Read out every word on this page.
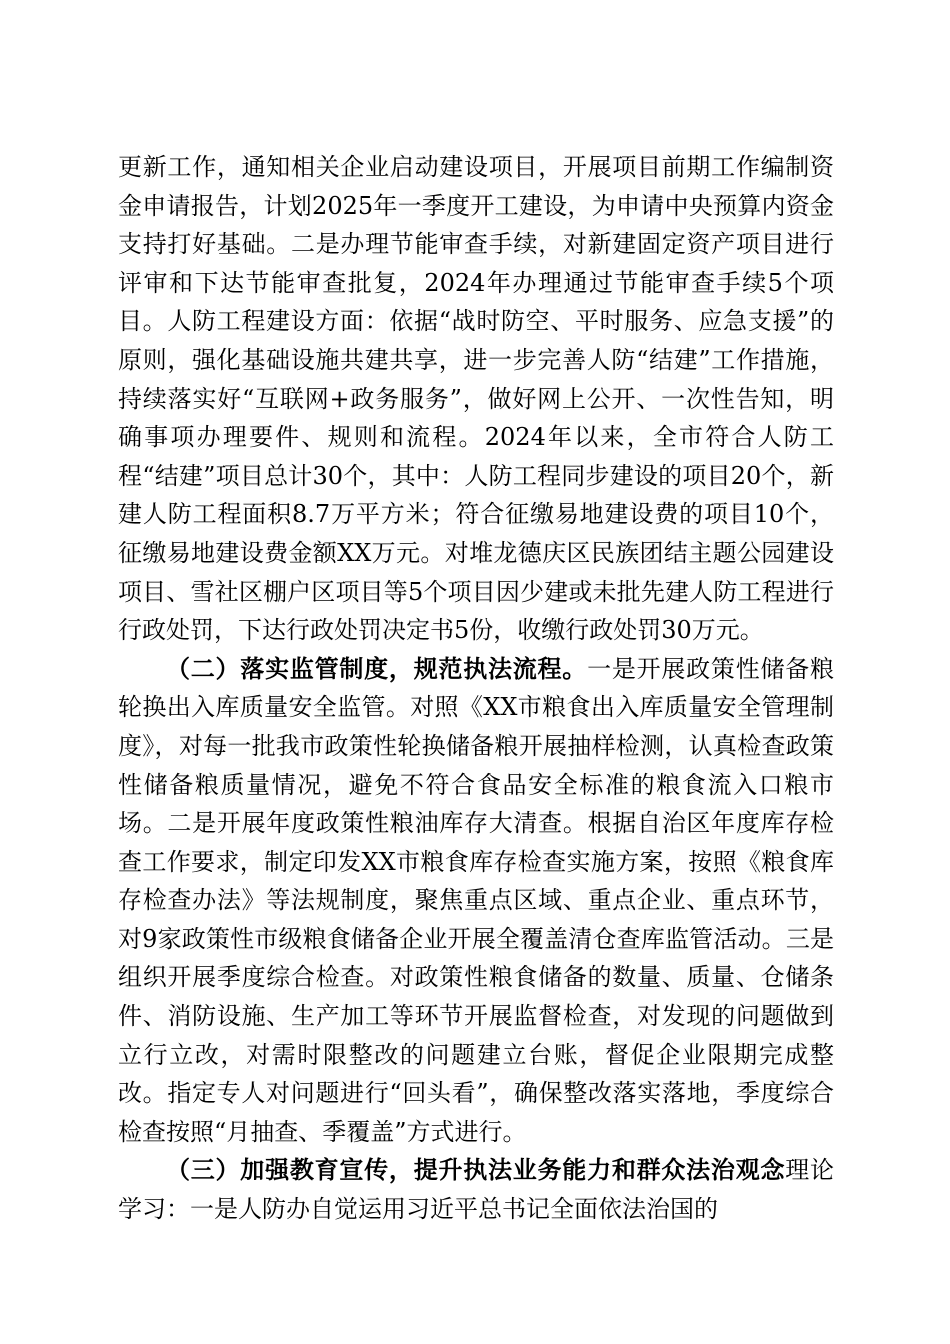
更新工作，通知相关企业启动建设项目，开展项目前期工作编制资金申请报告，计划2025年一季度开工建设，为申请中央预算内资金支持打好基础。二是办理节能审查手续，对新建固定资产项目进行评审和下达节能审查批复，2024年办理通过节能审查手续5个项目。人防工程建设方面：依据“战时防空、平时服务、应急支援”的原则，强化基础设施共建共享，进一步完善人防“结建”工作措施，持续落实好“互联网+政务服务”，做好网上公开、一次性告知，明确事项办理要件、规则和流程。2024年以来，全市符合人防工程“结建”项目总计30个，其中：人防工程同步建设的项目20个，新建人防工程面积8.7万平方米；符合征缴易地建设费的项目10个，征缴易地建设费金额XX万元。对堆龙德庆区民族团结主题公园建设项目、雪社区棚户区项目等5个项目因少建或未批先建人防工程进行行政处罚，下达行政处罚决定书5份，收缴行政处罚30万元。

（二）落实监管制度，规范执法流程。一是开展政策性储备粮轮换出入库质量安全监管。对照《XX市粮食出入库质量安全管理制度》，对每一批我市政策性轮换储备粮开展抽样检测，认真检查政策性储备粮质量情况，避免不符合食品安全标准的粮食流入口粮市场。二是开展年度政策性粮油库存大清查。根据自治区年度库存检查工作要求，制定印发XX市粮食库存检查实施方案，按照《粮食库存检查办法》等法规制度，聚焦重点区域、重点企业、重点环节，对9家政策性市级粮食储备企业开展全覆盖清仓查库监管活动。三是组织开展季度综合检查。对政策性粮食储备的数量、质量、仓储条件、消防设施、生产加工等环节开展监督检查，对发现的问题做到立行立改，对需时限整改的问题建立台账，督促企业限期完成整改。指定专人对问题进行“回头看”，确保整改落实落地，季度综合检查按照“月抽查、季覆盖”方式进行。

（三）加强教育宣传，提升执法业务能力和群众法治观念理论学习：一是人防办自觉运用习近平总书记全面依法治国的
